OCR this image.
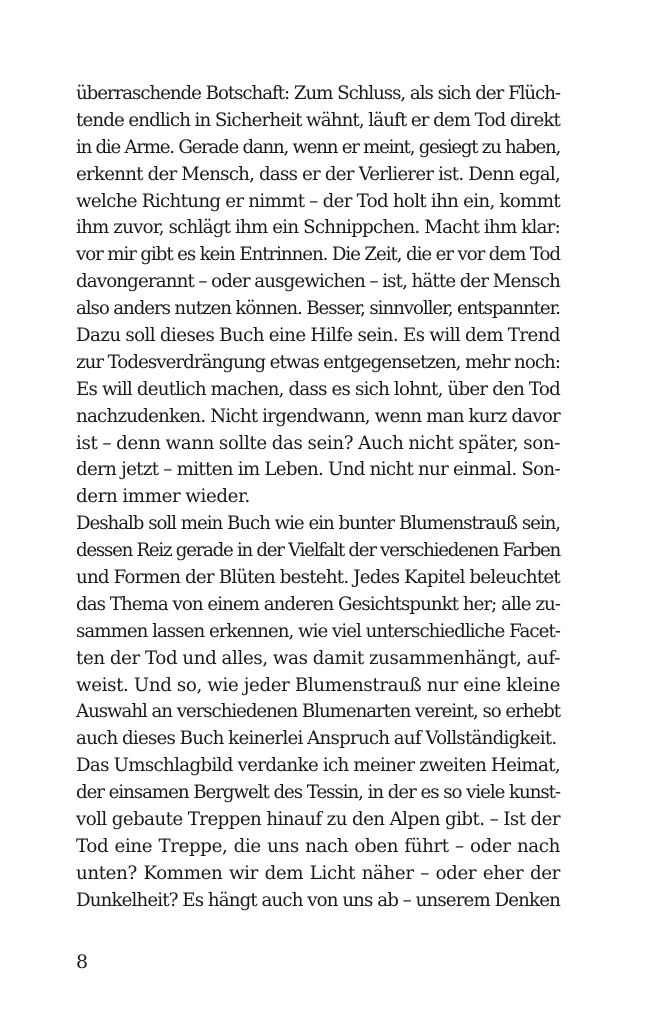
überraschende Botschaft: Zum Schluss, als sich der Flüch-
tende endlich in Sicherheit wähnt, läuft er dem Tod direkt
in die Arme. Gerade dann, wenn er meint, gesiegt zu haben,
erkennt der Mensch, dass er der Verlierer ist. Denn egal,
welche Richtung er nimmt – der Tod holt ihn ein, kommt
ihm zuvor, schlägt ihm ein Schnippchen. Macht ihm klar:
vor mir gibt es kein Entrinnen. Die Zeit, die er vor dem Tod
davongerannt – oder ausgewichen – ist, hätte der Mensch
also anders nutzen können. Besser, sinnvoller, entspannter.
Dazu soll dieses Buch eine Hilfe sein. Es will dem Trend
zur Todesverdrängung etwas entgegensetzen, mehr noch:
Es will deutlich machen, dass es sich lohnt, über den Tod
nachzudenken. Nicht irgendwann, wenn man kurz davor
ist – denn wann sollte das sein? Auch nicht später, son-
dern jetzt – mitten im Leben. Und nicht nur einmal. Son-
dern immer wieder.
Deshalb soll mein Buch wie ein bunter Blumenstrauß sein,
dessen Reiz gerade in der Vielfalt der verschiedenen Farben
und Formen der Blüten besteht. Jedes Kapitel beleuchtet
das Thema von einem anderen Gesichtspunkt her; alle zu-
sammen lassen erkennen, wie viel unterschiedliche Facet-
ten der Tod und alles, was damit zusammenhängt, auf-
weist. Und so, wie jeder Blumenstrauß nur eine kleine
Auswahl an verschiedenen Blumenarten vereint, so erhebt
auch dieses Buch keinerlei Anspruch auf Vollständigkeit.
Das Umschlagbild verdanke ich meiner zweiten Heimat,
der einsamen Bergwelt des Tessin, in der es so viele kunst-
voll gebaute Treppen hinauf zu den Alpen gibt. – Ist der
Tod eine Treppe, die uns nach oben führt – oder nach
unten? Kommen wir dem Licht näher – oder eher der
Dunkelheit? Es hängt auch von uns ab – unserem Denken
8
